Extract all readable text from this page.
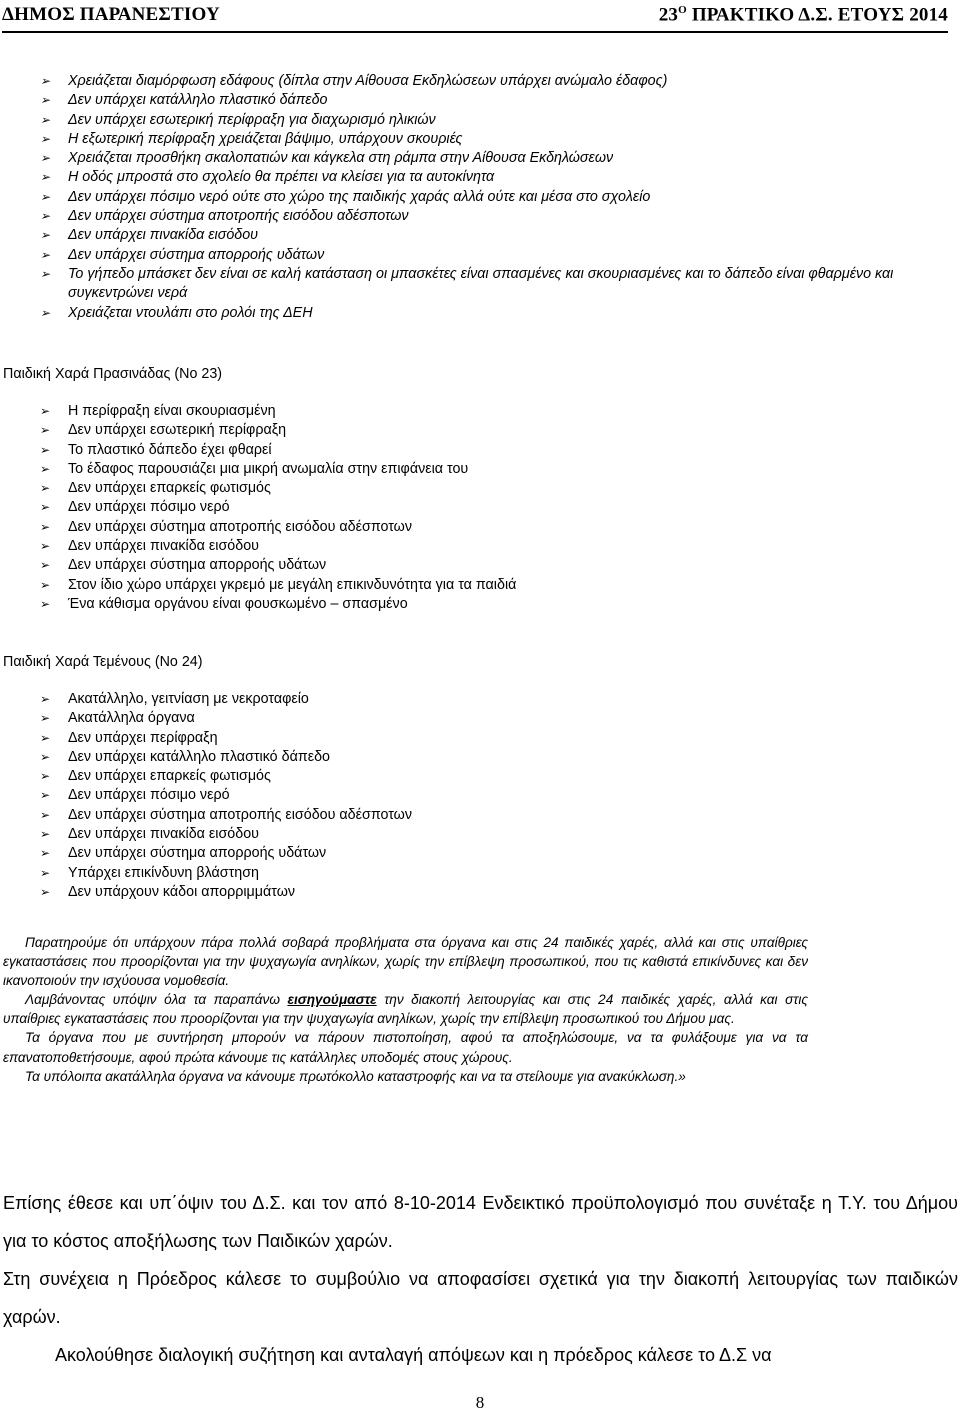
ΔΗΜΟΣ ΠΑΡΑΝΕΣΤΙΟΥ	$23^O$ ΠΡΑΚΤΙΚΟ Δ.Σ. ΕΤΟΥΣ 2014
➢ Χρειάζεται διαμόρφωση εδάφους (δίπλα στην Αίθουσα Εκδηλώσεων υπάρχει ανώμαλο έδαφος)
➢ Δεν υπάρχει κατάλληλο πλαστικό δάπεδο
➢ Δεν υπάρχει εσωτερική περίφραξη για διαχωρισμό ηλικιών
➢ Η εξωτερική περίφραξη χρειάζεται βάψιμο, υπάρχουν σκουριές
➢ Χρειάζεται προσθήκη σκαλοπατιών και κάγκελα στη ράμπα στην Αίθουσα Εκδηλώσεων
➢ Η οδός μπροστά στο σχολείο θα πρέπει να κλείσει για τα αυτοκίνητα
➢ Δεν υπάρχει πόσιμο νερό ούτε στο χώρο της παιδικής χαράς αλλά ούτε και μέσα στο σχολείο
➢ Δεν υπάρχει σύστημα αποτροπής εισόδου αδέσποτων
➢ Δεν υπάρχει πινακίδα εισόδου
➢ Δεν υπάρχει σύστημα απορροής υδάτων
➢ Το γήπεδο μπάσκετ δεν είναι σε καλή κατάσταση οι μπασκέτες είναι σπασμένες και σκουριασμένες και το δάπεδο είναι φθαρμένο και συγκεντρώνει νερά
➢ Χρειάζεται ντουλάπι στο ρολόι της ΔΕΗ
Παιδική Χαρά Πρασινάδας (Νο 23)
➢ Η περίφραξη είναι σκουριασμένη
➢ Δεν υπάρχει εσωτερική περίφραξη
➢ Το πλαστικό δάπεδο έχει φθαρεί
➢ Το έδαφος παρουσιάζει μια μικρή ανωμαλία στην επιφάνεια του
➢ Δεν υπάρχει επαρκείς φωτισμός
➢ Δεν υπάρχει πόσιμο νερό
➢ Δεν υπάρχει σύστημα αποτροπής εισόδου αδέσποτων
➢ Δεν υπάρχει πινακίδα εισόδου
➢ Δεν υπάρχει σύστημα απορροής υδάτων
➢ Στον ίδιο χώρο υπάρχει γκρεμό με μεγάλη επικινδυνότητα για τα παιδιά
➢ Ένα κάθισμα οργάνου είναι φουσκωμένο – σπασμένο
Παιδική Χαρά Τεμένους (Νο 24)
➢ Ακατάλληλο, γειτνίαση με νεκροταφείο
➢ Ακατάλληλα όργανα
➢ Δεν υπάρχει περίφραξη
➢ Δεν υπάρχει κατάλληλο πλαστικό δάπεδο
➢ Δεν υπάρχει επαρκείς φωτισμός
➢ Δεν υπάρχει πόσιμο νερό
➢ Δεν υπάρχει σύστημα αποτροπής εισόδου αδέσποτων
➢ Δεν υπάρχει πινακίδα εισόδου
➢ Δεν υπάρχει σύστημα απορροής υδάτων
➢ Υπάρχει επικίνδυνη βλάστηση
➢ Δεν υπάρχουν κάδοι απορριμμάτων

Παρατηρούμε ότι υπάρχουν πάρα πολλά σοβαρά προβλήματα στα όργανα και στις 24 παιδικές χαρές, αλλά και στις υπαίθριες εγκαταστάσεις που προορίζονται για την ψυχαγωγία ανηλίκων, χωρίς την επίβλεψη προσωπικού, που τις καθιστά επικίνδυνες και δεν ικανοποιούν την ισχύουσα νομοθεσία.

Λαμβάνοντας υπόψιν όλα τα παραπάνω εισηγούμαστε την διακοπή λειτουργίας και στις 24 παιδικές χαρές, αλλά και στις υπαίθριες εγκαταστάσεις που προορίζονται για την ψυχαγωγία ανηλίκων, χωρίς την επίβλεψη προσωπικού του Δήμου μας.

Τα όργανα που με συντήρηση μπορούν να πάρουν πιστοποίηση, αφού τα αποξηλώσουμε, να τα φυλάξουμε για να τα επανατοποθετήσουμε, αφού πρώτα κάνουμε τις κατάλληλες υποδομές στους χώρους.

Τα υπόλοιπα ακατάλληλα όργανα να κάνουμε πρωτόκολλο καταστροφής και να τα στείλουμε για ανακύκλωση.»

Επίσης έθεσε και υπ΄όψιν του Δ.Σ. και τον από 8-10-2014 Ενδεικτικό προϋπολογισμό που συνέταξε η Τ.Υ. του Δήμου για το κόστος αποξήλωσης των Παιδικών χαρών.

Στη συνέχεια η Πρόεδρος κάλεσε το συμβούλιο να αποφασίσει σχετικά για την διακοπή λειτουργίας των παιδικών χαρών.

Ακολούθησε διαλογική συζήτηση και ανταλαγή απόψεων και η πρόεδρος κάλεσε το Δ.Σ να

8
